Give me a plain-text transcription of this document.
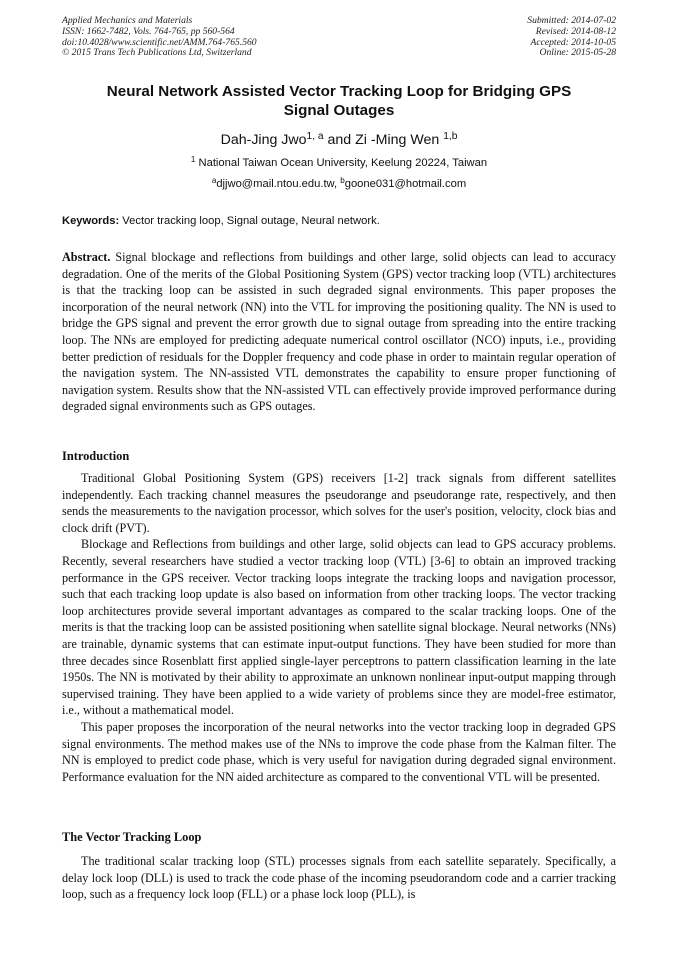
Applied Mechanics and Materials
ISSN: 1662-7482, Vols. 764-765, pp 560-564
doi:10.4028/www.scientific.net/AMM.764-765.560
© 2015 Trans Tech Publications Ltd, Switzerland
Submitted: 2014-07-02
Revised: 2014-08-12
Accepted: 2014-10-05
Online: 2015-05-28
Neural Network Assisted Vector Tracking Loop for Bridging GPS
Signal Outages
Dah-Jing Jwo$^{1, a}$ and Zi -Ming Wen $^{1,b}$
$^1$ National Taiwan Ocean University, Keelung 20224, Taiwan
$^a$djjwo@mail.ntou.edu.tw, $^b$goone031@hotmail.com
Keywords: Vector tracking loop, Signal outage, Neural network.
Abstract. Signal blockage and reflections from buildings and other large, solid objects can lead to accuracy degradation. One of the merits of the Global Positioning System (GPS) vector tracking loop (VTL) architectures is that the tracking loop can be assisted in such degraded signal environments. This paper proposes the incorporation of the neural network (NN) into the VTL for improving the positioning quality. The NN is used to bridge the GPS signal and prevent the error growth due to signal outage from spreading into the entire tracking loop. The NNs are employed for predicting adequate numerical control oscillator (NCO) inputs, i.e., providing better prediction of residuals for the Doppler frequency and code phase in order to maintain regular operation of the navigation system. The NN-assisted VTL demonstrates the capability to ensure proper functioning of navigation system. Results show that the NN-assisted VTL can effectively provide improved performance during degraded signal environments such as GPS outages.
Introduction

Traditional Global Positioning System (GPS) receivers [1-2] track signals from different satellites independently. Each tracking channel measures the pseudorange and pseudorange rate, respectively, and then sends the measurements to the navigation processor, which solves for the user's position, velocity, clock bias and clock drift (PVT).

Blockage and Reflections from buildings and other large, solid objects can lead to GPS accuracy problems. Recently, several researchers have studied a vector tracking loop (VTL) [3-6] to obtain an improved tracking performance in the GPS receiver. Vector tracking loops integrate the tracking loops and navigation processor, such that each tracking loop update is also based on information from other tracking loops. The vector tracking loop architectures provide several important advantages as compared to the scalar tracking loops. One of the merits is that the tracking loop can be assisted positioning when satellite signal blockage. Neural networks (NNs) are trainable, dynamic systems that can estimate input-output functions. They have been studied for more than three decades since Rosenblatt first applied single-layer perceptrons to pattern classification learning in the late 1950s. The NN is motivated by their ability to approximate an unknown nonlinear input-output mapping through supervised training. They have been applied to a wide variety of problems since they are model-free estimator, i.e., without a mathematical model.

This paper proposes the incorporation of the neural networks into the vector tracking loop in degraded GPS signal environments. The method makes use of the NNs to improve the code phase from the Kalman filter. The NN is employed to predict code phase, which is very useful for navigation during degraded signal environment. Performance evaluation for the NN aided architecture as compared to the conventional VTL will be presented.

The Vector Tracking Loop

The traditional scalar tracking loop (STL) processes signals from each satellite separately. Specifically, a delay lock loop (DLL) is used to track the code phase of the incoming pseudorandom code and a carrier tracking loop, such as a frequency lock loop (FLL) or a phase lock loop (PLL), is
